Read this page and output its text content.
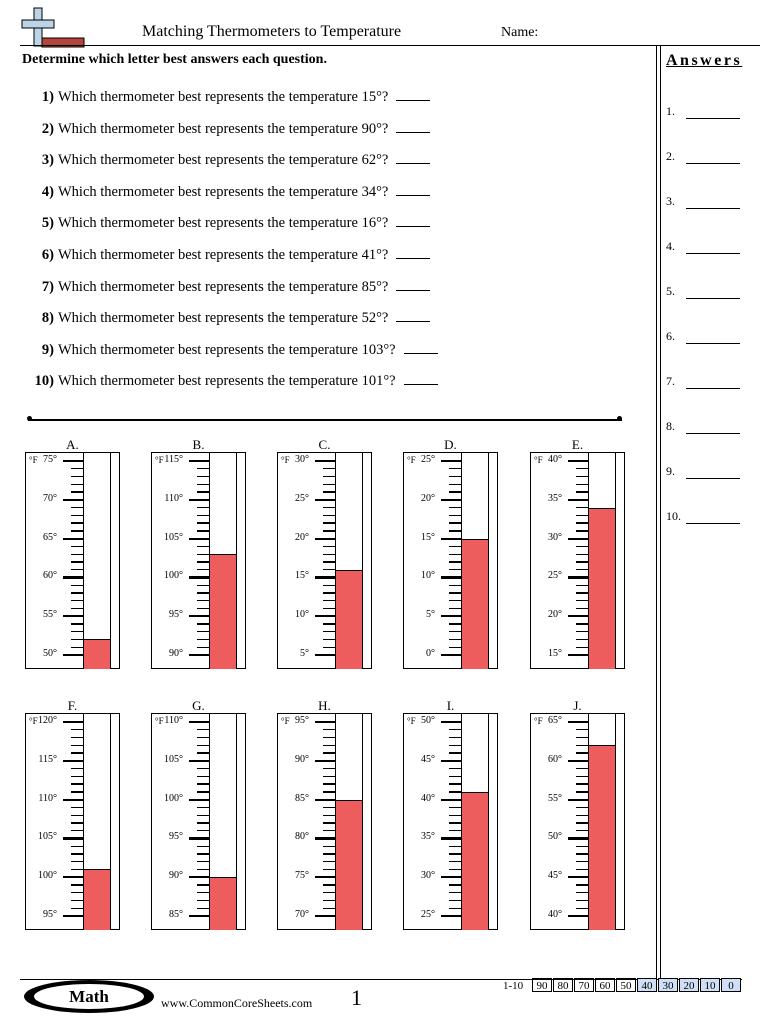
Matching Thermometers to Temperature	Name:
Determine which letter best answers each question.
1) Which thermometer best represents the temperature 15°?
2) Which thermometer best represents the temperature 90°?
3) Which thermometer best represents the temperature 62°?
4) Which thermometer best represents the temperature 34°?
5) Which thermometer best represents the temperature 16°?
6) Which thermometer best represents the temperature 41°?
7) Which thermometer best represents the temperature 85°?
8) Which thermometer best represents the temperature 52°?
9) Which thermometer best represents the temperature 103°?
10) Which thermometer best represents the temperature 101°?
Answers
1.
2.
3.
4.
5.
6.
7.
8.
9.
10.
A.
°F 75°
70°
65°
60°
55°
50°
B.
°F 115°
110°
105°
100°
95°
90°
C.
°F 30°
25°
20°
15°
10°
5°
D.
°F 25°
20°
15°
10°
5°
0°
E.
°F 40°
35°
30°
25°
20°
15°
F.
°F 120°
115°
110°
105°
100°
95°
G.
°F 110°
105°
100°
95°
90°
85°
H.
°F 95°
90°
85°
80°
75°
70°
I.
°F 50°
45°
40°
35°
30°
25°
J.
°F 65°
60°
55°
50°
45°
40°
Math	www.CommonCoreSheets.com 1	1-10	90 80 70 60 50 40 30 20 10	0
